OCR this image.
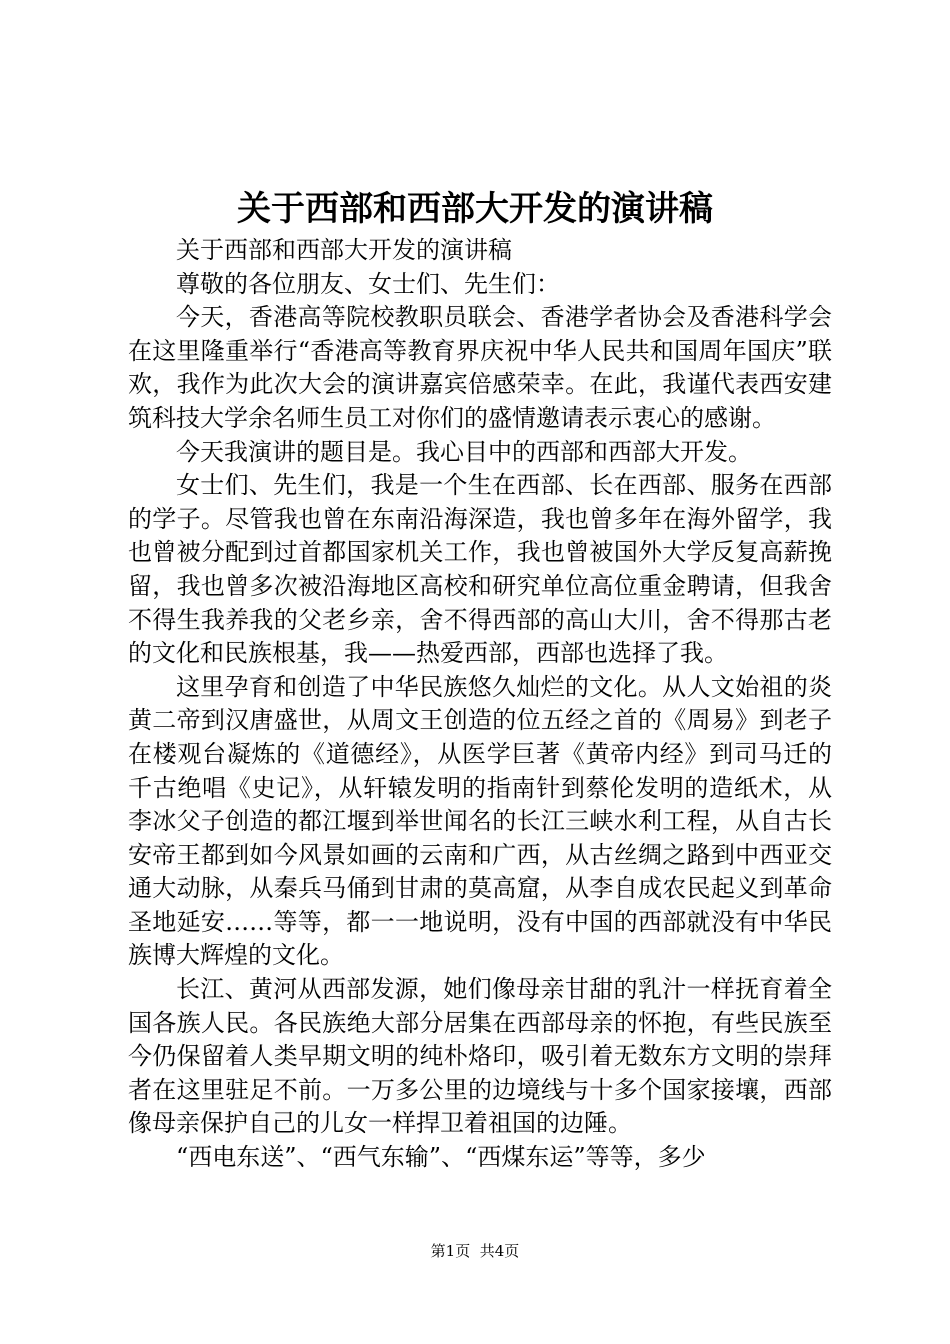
关于西部和西部大开发的演讲稿

关于西部和西部大开发的演讲稿

尊敬的各位朋友、女士们、先生们：

今天，香港高等院校教职员联会、香港学者协会及香港科学会在这里隆重举行“香港高等教育界庆祝中华人民共和国周年国庆”联欢，我作为此次大会的演讲嘉宾倍感荣幸。在此，我谨代表西安建筑科技大学余名师生员工对你们的盛情邀请表示衷心的感谢。

今天我演讲的题目是。我心目中的西部和西部大开发。

女士们、先生们，我是一个生在西部、长在西部、服务在西部的学子。尽管我也曾在东南沿海深造，我也曾多年在海外留学，我也曾被分配到过首都国家机关工作，我也曾被国外大学反复高薪挽留，我也曾多次被沿海地区高校和研究单位高位重金聘请，但我舍不得生我养我的父老乡亲，舍不得西部的高山大川，舍不得那古老的文化和民族根基，我——热爱西部，西部也选择了我。

这里孕育和创造了中华民族悠久灿烂的文化。从人文始祖的炎黄二帝到汉唐盛世，从周文王创造的位五经之首的《周易》到老子在楼观台凝炼的《道德经》，从医学巨著《黄帝内经》到司马迁的千古绝唱《史记》，从轩辕发明的指南针到蔡伦发明的造纸术，从李冰父子创造的都江堰到举世闻名的长江三峡水利工程，从自古长安帝王都到如今风景如画的云南和广西，从古丝绸之路到中西亚交通大动脉，从秦兵马俑到甘肃的莫高窟，从李自成农民起义到革命圣地延安……等等，都一一地说明，没有中国的西部就没有中华民族博大辉煌的文化。

长江、黄河从西部发源，她们像母亲甘甜的乳汁一样抚育着全国各族人民。各民族绝大部分居集在西部母亲的怀抱，有些民族至今仍保留着人类早期文明的纯朴烙印，吸引着无数东方文明的崇拜者在这里驻足不前。一万多公里的边境线与十多个国家接壤，西部像母亲保护自己的儿女一样捍卫着祖国的边陲。

“西电东送”、“西气东输”、“西煤东运”等等，多少

第1页 共4页
